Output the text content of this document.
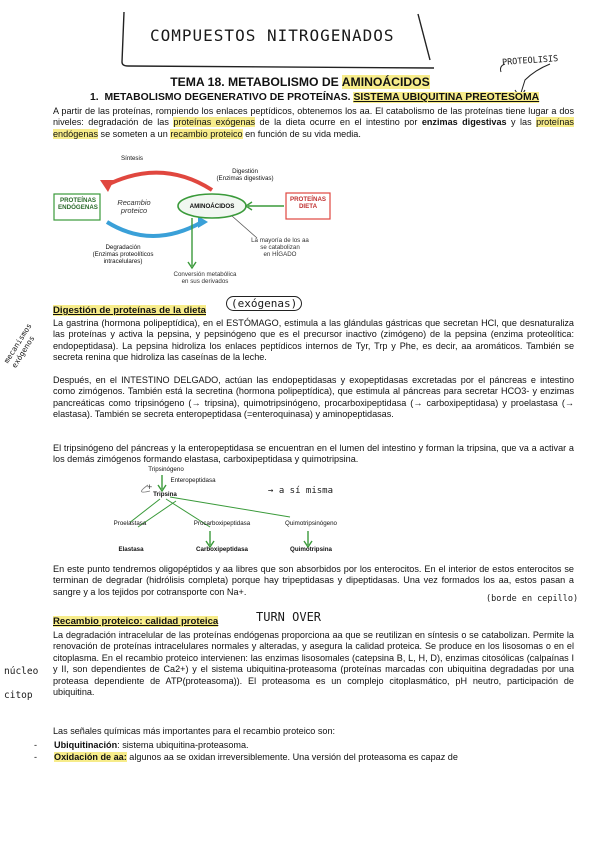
COMPUESTOS NITROGENADOS
PROTEOLISIS
TEMA 18. METABOLISMO DE AMINOÁCIDOS
1. METABOLISMO DEGENERATIVO DE PROTEÍNAS. SISTEMA UBIQUITINA PREOTESOMA

A partir de las proteínas, rompiendo los enlaces peptídicos, obtenemos los aa. El catabolismo de las proteínas tiene lugar a dos niveles: degradación de las proteínas exógenas de la dieta ocurre en el intestino por enzimas digestivas y las proteínas endógenas se someten a un recambio proteico en función de su vida media.

Síntesis
PROTEÍNAS ENDÓGENAS
Recambio proteico
Digestión
(Enzimas digestivas)
AMINOÁCIDOS
PROTEÍNAS DIETA
Degradación
(Enzimas proteolíticos intracelulares)
La mayoría de los aa
se catabolizan
en HÍGADO
Conversión metabólica
en sus derivados
Digestión de proteínas de la dieta
(exógenas)
mecanismos exógenos

La gastrina (hormona polipeptídica), en el ESTÓMAGO, estimula a las glándulas gástricas que secretan HCl, que desnaturaliza las proteínas y activa la pepsina, y pepsinógeno que es el precursor inactivo (zimógeno) de la pepsina (enzima proteolítica: endopeptidasa). La pepsina hidroliza los enlaces peptídicos internos de Tyr, Trp y Phe, es decir, aa aromáticos. También se secreta renina que hidroliza las caseínas de la leche.

Después, en el INTESTINO DELGADO, actúan las endopeptidasas y exopeptidasas excretadas por el páncreas e intestino como zimógenos. También está la secretina (hormona polipeptídica), que estimula al páncreas para secretar HCO3- y enzimas pancreáticas como tripsinógeno (→ tripsina), quimotripsinógeno, procarboxipeptidasa (→ carboxipeptidasa) y proelastasa (→ elastasa). También se secreta enteropeptidasa (=enteroquinasa) y aminopeptidasas.

El tripsinógeno del páncreas y la enteropeptidasa se encuentran en el lumen del intestino y forman la tripsina, que va a activar a los demás zimógenos formando elastasa, carboxipeptidasa y quimotripsina.

Tripsinógeno
Enteropeptidasa
+
Tripsina	→ a sí misma
Proelastasa	Procarboxipeptidasa	Quimotripsinógeno
Elastasa	Carboxipeptidasa	Quimotripsina

En este punto tendremos oligopéptidos y aa libres que son absorbidos por los enterocitos. En el interior de estos enterocitos se terminan de degradar (hidrólisis completa) porque hay tripeptidasas y dipeptidasas. Una vez formados los aa, estos pasan a sangre y a los tejidos por cotransporte con Na+.

(borde en cepillo)
Recambio proteico: calidad proteica	TURN OVER
núcleo citop

La degradación intracelular de las proteínas endógenas proporciona aa que se reutilizan en síntesis o se catabolizan. Permite la renovación de proteínas intracelulares normales y alteradas, y asegura la calidad proteica. Se produce en los lisosomas o en el citoplasma. En el recambio proteico intervienen: las enzimas lisosomales (catepsina B, L, H, D), enzimas citosólicas (calpaínas I y II, son dependientes de Ca2+) y el sistema ubiquitina-proteasoma (proteínas marcadas con ubiquitina degradadas por una proteasa dependiente de ATP(proteasoma)). El proteasoma es un complejo citoplasmático, pH neutro, participación de ubiquitina.

Las señales químicas más importantes para el recambio proteico son:

- Ubiquitinación: sistema ubiquitina-proteasoma.
- Oxidación de aa: algunos aa se oxidan irreversiblemente. Una versión del proteasoma es capaz de
